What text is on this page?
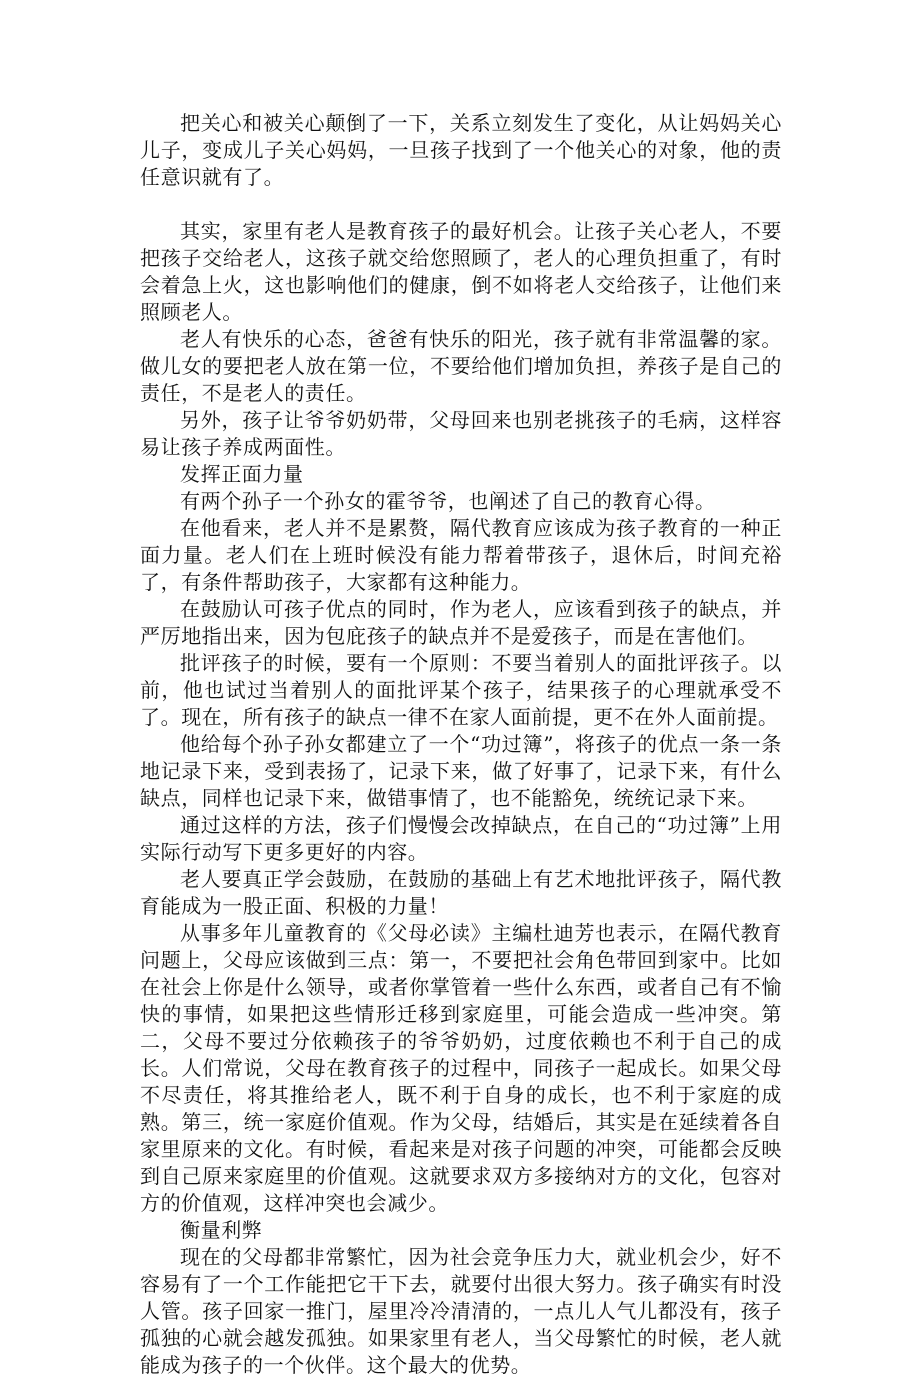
把关心和被关心颠倒了一下，关系立刻发生了变化，从让妈妈关心儿子，变成儿子关心妈妈，一旦孩子找到了一个他关心的对象，他的责任意识就有了。

其实，家里有老人是教育孩子的最好机会。让孩子关心老人，不要把孩子交给老人，这孩子就交给您照顾了，老人的心理负担重了，有时会着急上火，这也影响他们的健康，倒不如将老人交给孩子，让他们来照顾老人。

老人有快乐的心态，爸爸有快乐的阳光，孩子就有非常温馨的家。做儿女的要把老人放在第一位，不要给他们增加负担，养孩子是自己的责任，不是老人的责任。

另外，孩子让爷爷奶奶带，父母回来也别老挑孩子的毛病，这样容易让孩子养成两面性。

发挥正面力量

有两个孙子一个孙女的霍爷爷，也阐述了自己的教育心得。

在他看来，老人并不是累赘，隔代教育应该成为孩子教育的一种正面力量。老人们在上班时候没有能力帮着带孩子，退休后，时间充裕了，有条件帮助孩子，大家都有这种能力。

在鼓励认可孩子优点的同时，作为老人，应该看到孩子的缺点，并严厉地指出来，因为包庇孩子的缺点并不是爱孩子，而是在害他们。

批评孩子的时候，要有一个原则：不要当着别人的面批评孩子。以前，他也试过当着别人的面批评某个孩子，结果孩子的心理就承受不了。现在，所有孩子的缺点一律不在家人面前提，更不在外人面前提。

他给每个孙子孙女都建立了一个“功过簿”，将孩子的优点一条一条地记录下来，受到表扬了，记录下来，做了好事了，记录下来，有什么缺点，同样也记录下来，做错事情了，也不能豁免，统统记录下来。

通过这样的方法，孩子们慢慢会改掉缺点，在自己的“功过簿”上用实际行动写下更多更好的内容。

老人要真正学会鼓励，在鼓励的基础上有艺术地批评孩子，隔代教育能成为一股正面、积极的力量！

从事多年儿童教育的《父母必读》主编杜迪芳也表示，在隔代教育问题上，父母应该做到三点：第一，不要把社会角色带回到家中。比如在社会上你是什么领导，或者你掌管着一些什么东西，或者自己有不愉快的事情，如果把这些情形迁移到家庭里，可能会造成一些冲突。第二，父母不要过分依赖孩子的爷爷奶奶，过度依赖也不利于自己的成长。人们常说，父母在教育孩子的过程中，同孩子一起成长。如果父母不尽责任，将其推给老人，既不利于自身的成长，也不利于家庭的成熟。第三，统一家庭价值观。作为父母，结婚后，其实是在延续着各自家里原来的文化。有时候，看起来是对孩子问题的冲突，可能都会反映到自己原来家庭里的价值观。这就要求双方多接纳对方的文化，包容对方的价值观，这样冲突也会减少。

衡量利弊

现在的父母都非常繁忙，因为社会竞争压力大，就业机会少，好不容易有了一个工作能把它干下去，就要付出很大努力。孩子确实有时没人管。孩子回家一推门，屋里冷冷清清的，一点儿人气儿都没有，孩子孤独的心就会越发孤独。如果家里有老人，当父母繁忙的时候，老人就能成为孩子的一个伙伴。这个最大的优势。
